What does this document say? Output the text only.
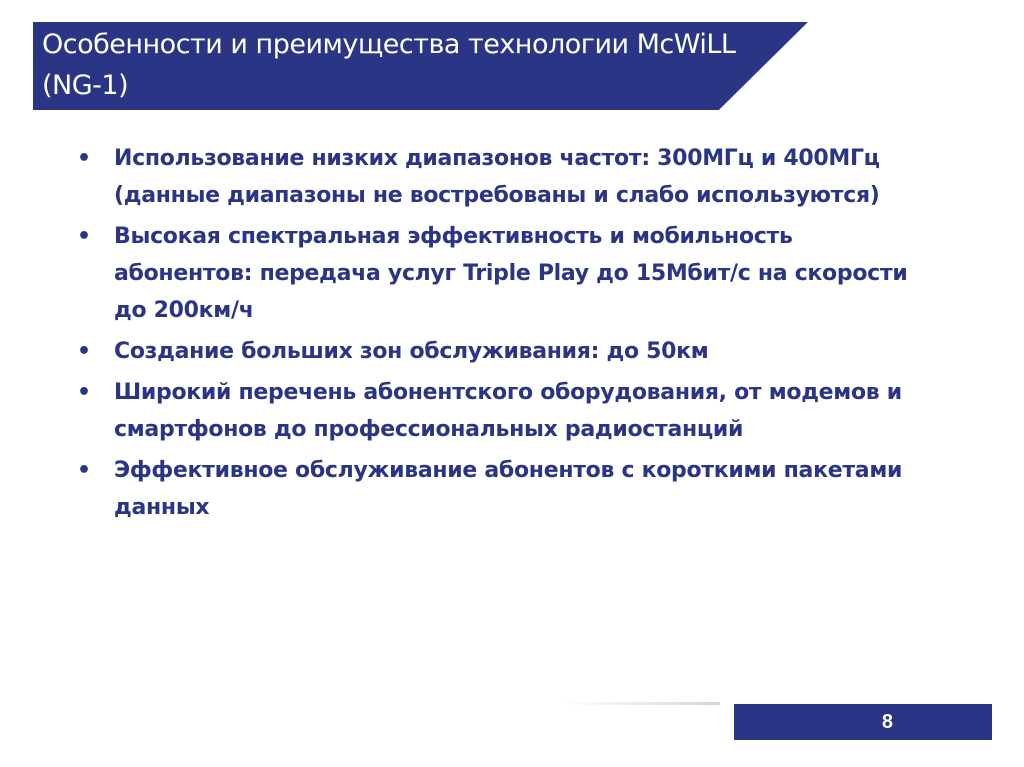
Особенности и преимущества технологии McWiLL (NG-1)
• Использование низких диапазонов частот: 300МГц и 400МГц (данные диапазоны не востребованы и слабо используются)
• Высокая спектральная эффективность и мобильность абонентов: передача услуг Triple Play до 15Мбит/с на скорости до 200км/ч
• Создание больших зон обслуживания: до 50км
• Широкий перечень абонентского оборудования, от модемов и смартфонов до профессиональных радиостанций
• Эффективное обслуживание абонентов с короткими пакетами данных
8
